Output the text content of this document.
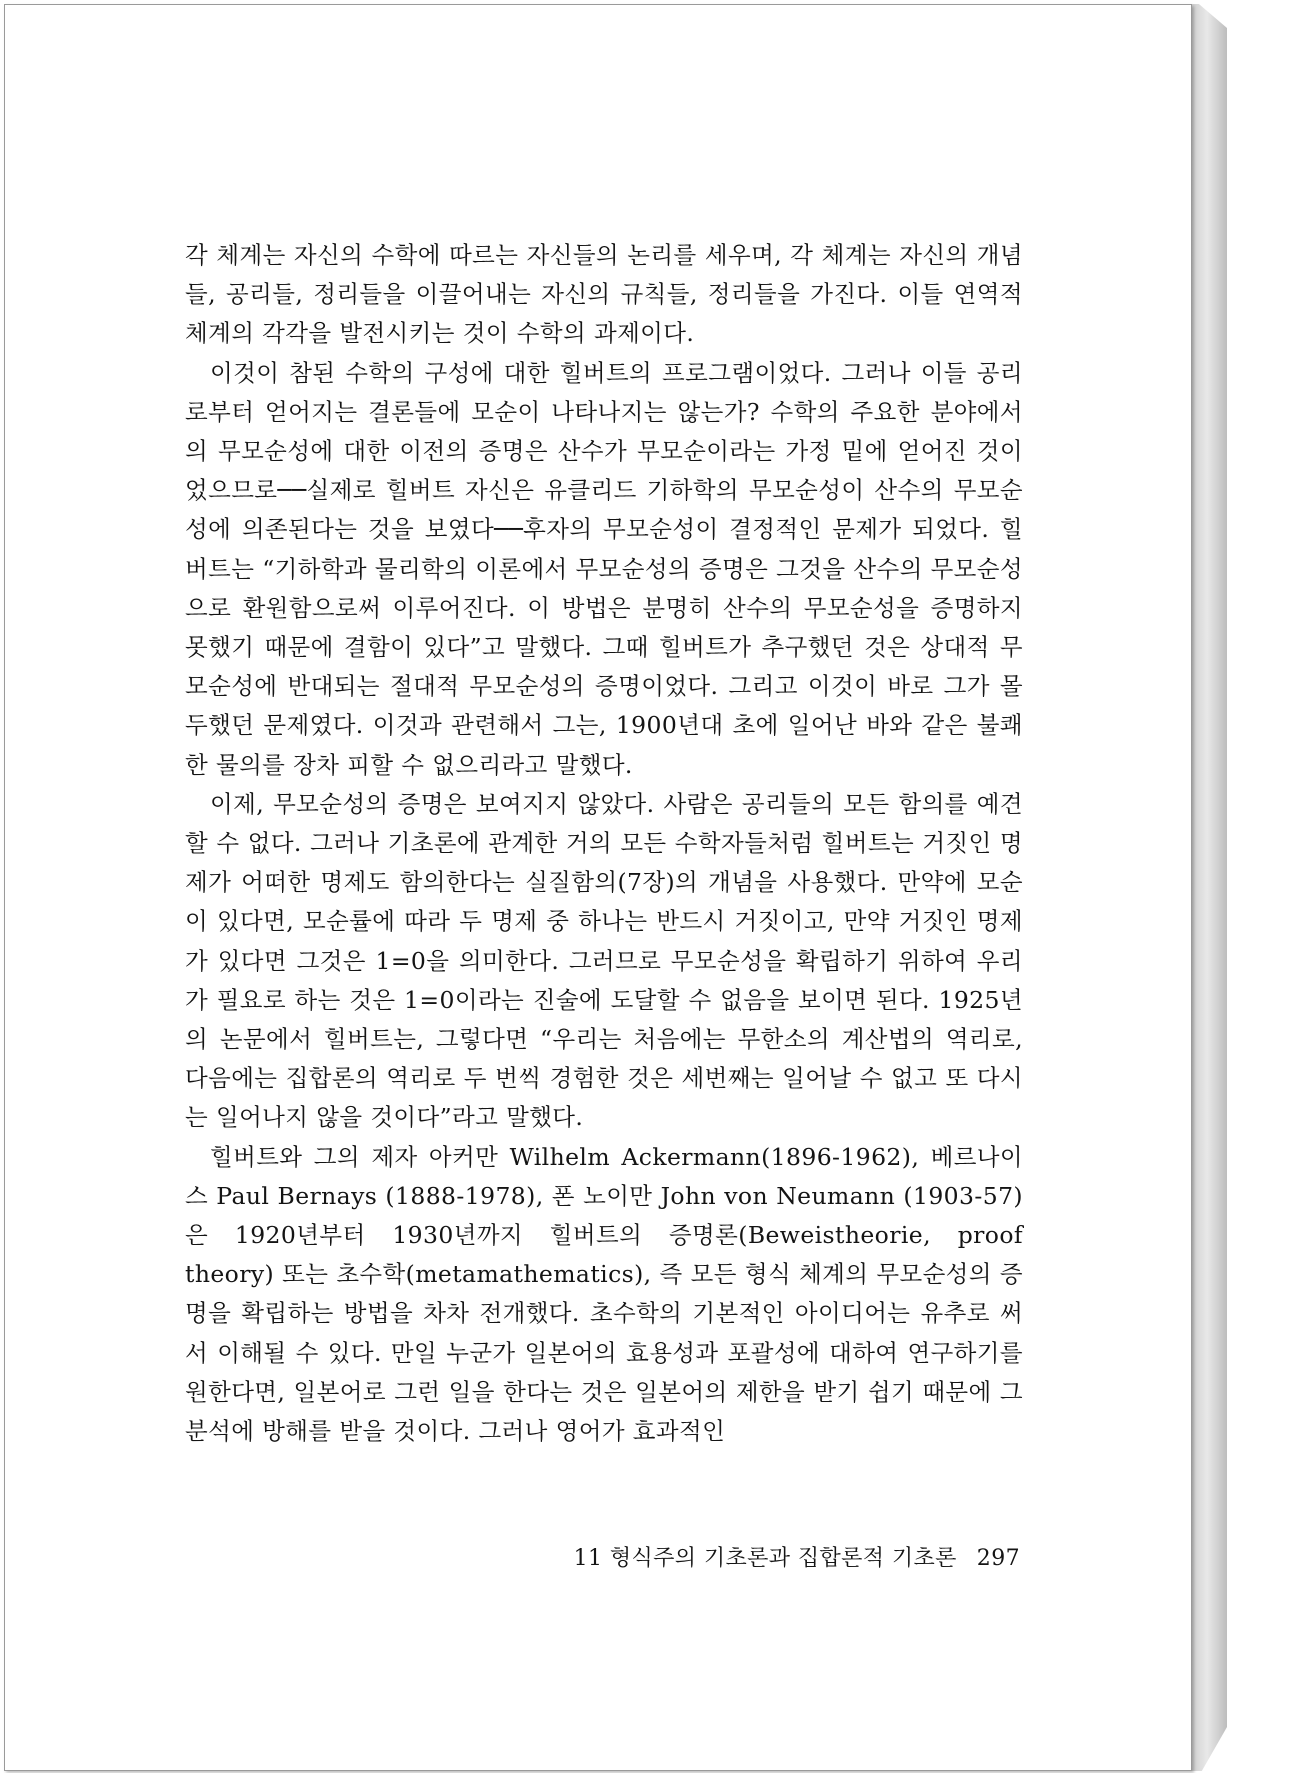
각 체계는 자신의 수학에 따르는 자신들의 논리를 세우며, 각 체계는 자신의 개념들, 공리들, 정리들을 이끌어내는 자신의 규칙들, 정리들을 가진다. 이들 연역적 체계의 각각을 발전시키는 것이 수학의 과제이다.

이것이 참된 수학의 구성에 대한 힐버트의 프로그램이었다. 그러나 이들 공리로부터 얻어지는 결론들에 모순이 나타나지는 않는가? 수학의 주요한 분야에서의 무모순성에 대한 이전의 증명은 산수가 무모순이라는 가정 밑에 얻어진 것이었으므로──실제로 힐버트 자신은 유클리드 기하학의 무모순성이 산수의 무모순성에 의존된다는 것을 보였다──후자의 무모순성이 결정적인 문제가 되었다. 힐버트는 “기하학과 물리학의 이론에서 무모순성의 증명은 그것을 산수의 무모순성으로 환원함으로써 이루어진다. 이 방법은 분명히 산수의 무모순성을 증명하지 못했기 때문에 결함이 있다”고 말했다. 그때 힐버트가 추구했던 것은 상대적 무모순성에 반대되는 절대적 무모순성의 증명이었다. 그리고 이것이 바로 그가 몰두했던 문제였다. 이것과 관련해서 그는, 1900년대 초에 일어난 바와 같은 불쾌한 물의를 장차 피할 수 없으리라고 말했다.

이제, 무모순성의 증명은 보여지지 않았다. 사람은 공리들의 모든 함의를 예견할 수 없다. 그러나 기초론에 관계한 거의 모든 수학자들처럼 힐버트는 거짓인 명제가 어떠한 명제도 함의한다는 실질함의(7장)의 개념을 사용했다. 만약에 모순이 있다면, 모순률에 따라 두 명제 중 하나는 반드시 거짓이고, 만약 거짓인 명제가 있다면 그것은 1=0을 의미한다. 그러므로 무모순성을 확립하기 위하여 우리가 필요로 하는 것은 1=0이라는 진술에 도달할 수 없음을 보이면 된다. 1925년의 논문에서 힐버트는, 그렇다면 “우리는 처음에는 무한소의 계산법의 역리로, 다음에는 집합론의 역리로 두 번씩 경험한 것은 세번째는 일어날 수 없고 또 다시는 일어나지 않을 것이다”라고 말했다.

힐버트와 그의 제자 아커만 Wilhelm Ackermann(1896-1962), 베르나이스 Paul Bernays (1888-1978), 폰 노이만 John von Neumann (1903-57)은 1920년부터 1930년까지 힐버트의 증명론(Beweistheorie, proof theory) 또는 초수학(metamathematics), 즉 모든 형식 체계의 무모순성의 증명을 확립하는 방법을 차차 전개했다. 초수학의 기본적인 아이디어는 유추로 써서 이해될 수 있다. 만일 누군가 일본어의 효용성과 포괄성에 대하여 연구하기를 원한다면, 일본어로 그런 일을 한다는 것은 일본어의 제한을 받기 쉽기 때문에 그 분석에 방해를 받을 것이다. 그러나 영어가 효과적인

11 형식주의 기초론과 집합론적 기초론 297
